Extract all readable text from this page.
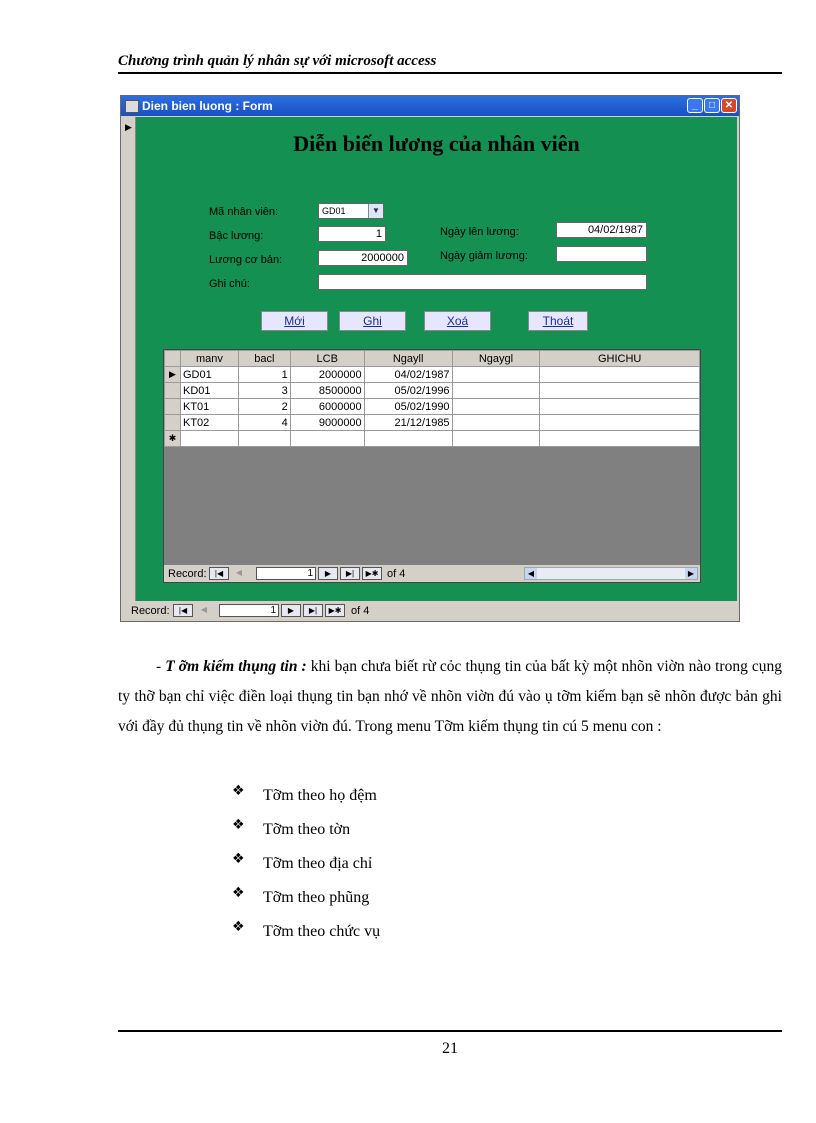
Chương trình quản lý nhân sự với microsoft access
Dien bien luong : Form	_	□ ✕
▶
Diễn biến lương của nhân viên
Mã nhân viên:	GD01	▼
Bậc lương:	1
Lương cơ bản:	2000000
Ghi chú:
Ngày lên lương:	04/02/1987
Ngày giảm lương:
Mới	Ghi	Xoá	Thoát
	manv	bacl	LCB	Ngayll	Ngaygl	GHICHU
▶	GD01	1	2000000	04/02/1987		
	KD01	3	8500000	05/02/1996		
	KT01	2	6000000	05/02/1990		
	KT02	4	9000000	21/12/1985		
✱						
Record:	|◀	◀	1	▶	▶|	▶✱ of 4	◀	▶
Record:	|◀	◀	1	▶	▶|	▶✱ of 4
- T ỡm kiếm thụng tin : khi bạn chưa biết rừ cỏc thụng tin của bất kỳ một nhõn viờn nào trong cụng ty thỡ bạn chỉ việc điền loại thụng tin bạn nhớ về nhõn viờn đú vào ụ tỡm kiếm bạn sẽ nhõn được bản ghi với đầy đủ thụng tin về nhõn viờn đú. Trong menu Tỡm kiếm thụng tin cú 5 menu con :
❖ Tỡm theo họ đệm
❖ Tỡm theo tờn
❖ Tỡm theo địa chỉ
❖ Tỡm theo phũng
❖ Tỡm theo chức vụ
21
